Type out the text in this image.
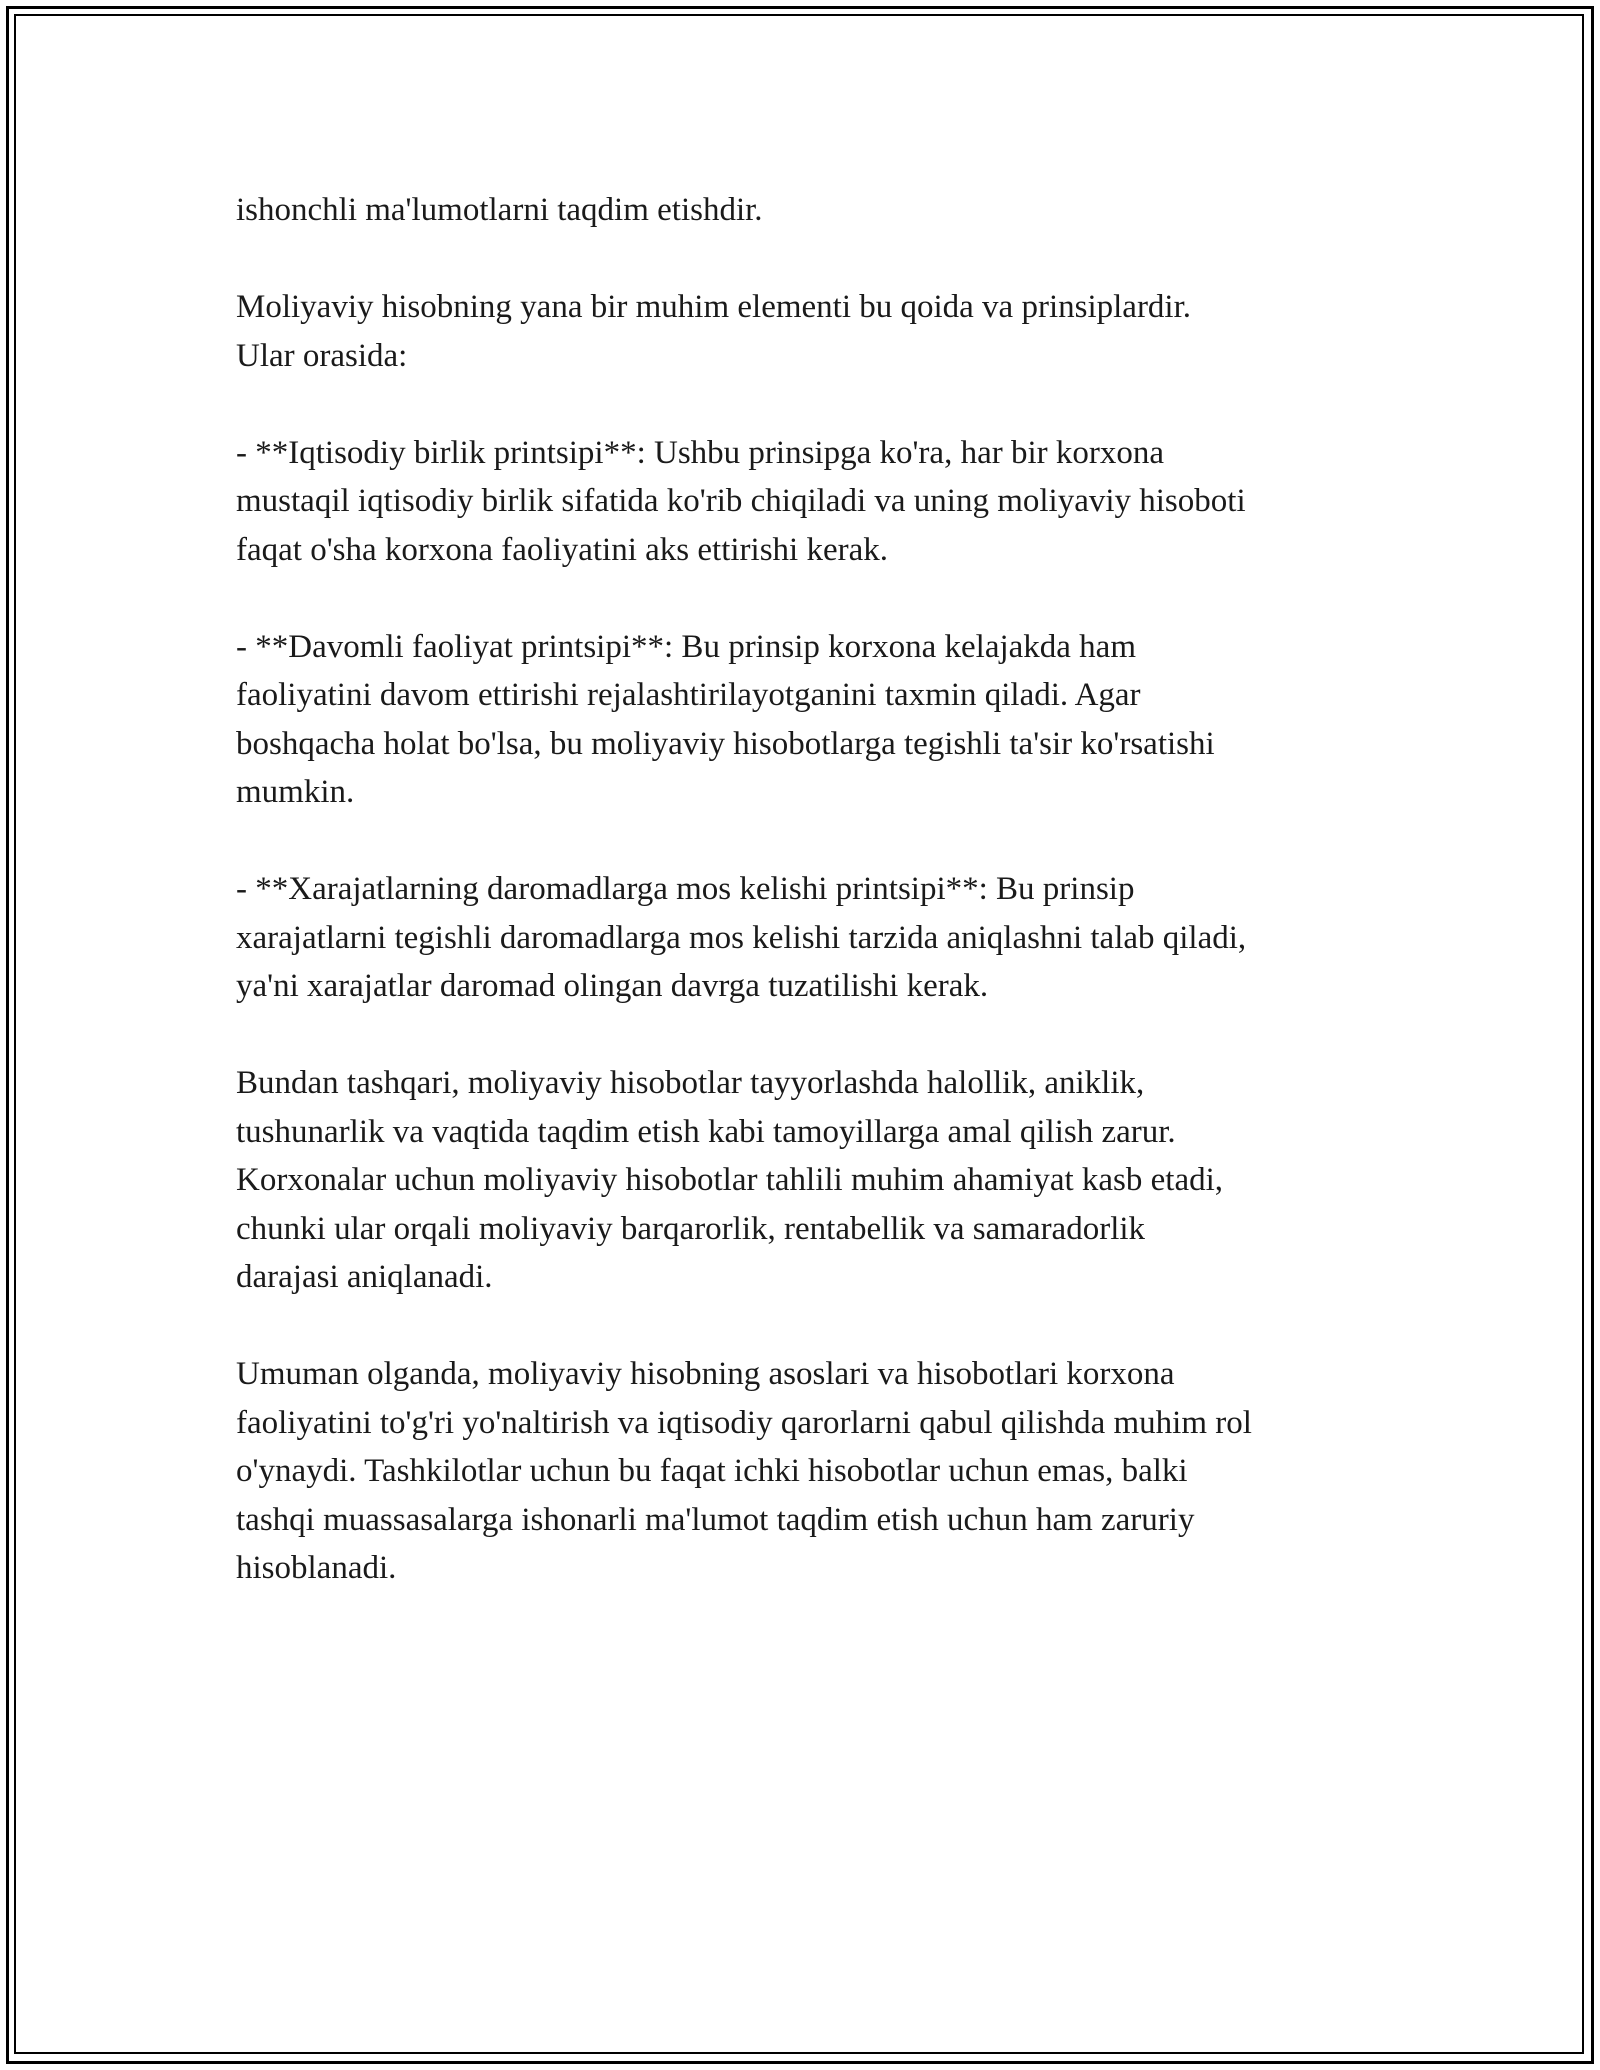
ishonchli ma'lumotlarni taqdim etishdir.

Moliyaviy hisobning yana bir muhim elementi bu qoida va prinsiplardir.
Ular orasida:

- **Iqtisodiy birlik printsipi**: Ushbu prinsipga ko'ra, har bir korxona
mustaqil iqtisodiy birlik sifatida ko'rib chiqiladi va uning moliyaviy hisoboti
faqat o'sha korxona faoliyatini aks ettirishi kerak.

- **Davomli faoliyat printsipi**: Bu prinsip korxona kelajakda ham
faoliyatini davom ettirishi rejalashtirilayotganini taxmin qiladi. Agar
boshqacha holat bo'lsa, bu moliyaviy hisobotlarga tegishli ta'sir ko'rsatishi
mumkin.

- **Xarajatlarning daromadlarga mos kelishi printsipi**: Bu prinsip
xarajatlarni tegishli daromadlarga mos kelishi tarzida aniqlashni talab qiladi,
ya'ni xarajatlar daromad olingan davrga tuzatilishi kerak.

Bundan tashqari, moliyaviy hisobotlar tayyorlashda halollik, aniklik,
tushunarlik va vaqtida taqdim etish kabi tamoyillarga amal qilish zarur.
Korxonalar uchun moliyaviy hisobotlar tahlili muhim ahamiyat kasb etadi,
chunki ular orqali moliyaviy barqarorlik, rentabellik va samaradorlik
darajasi aniqlanadi.

Umuman olganda, moliyaviy hisobning asoslari va hisobotlari korxona
faoliyatini to'g'ri yo'naltirish va iqtisodiy qarorlarni qabul qilishda muhim rol
o'ynaydi. Tashkilotlar uchun bu faqat ichki hisobotlar uchun emas, balki
tashqi muassasalarga ishonarli ma'lumot taqdim etish uchun ham zaruriy
hisoblanadi.
